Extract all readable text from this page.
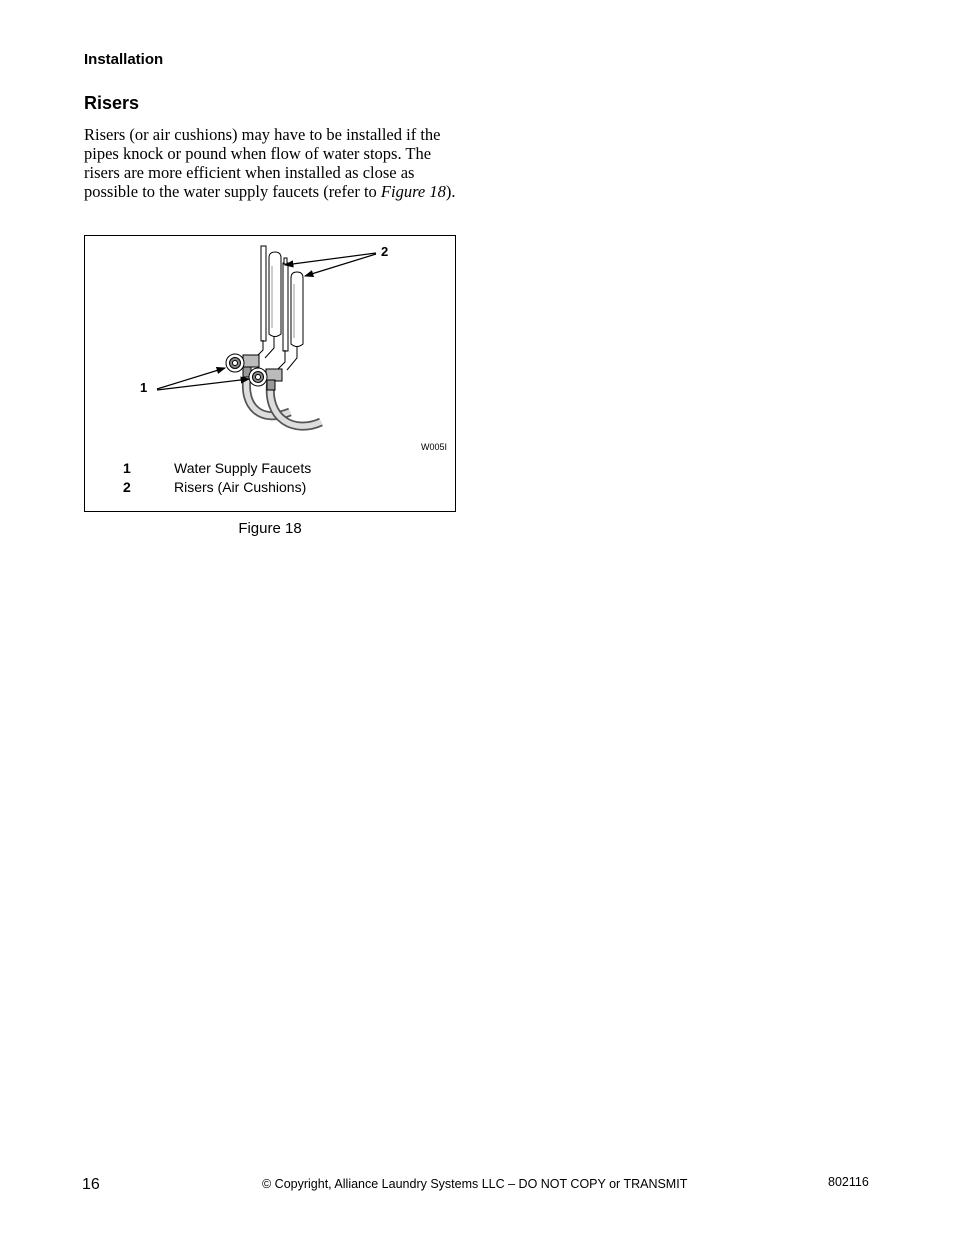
Installation
Risers
Risers (or air cushions) may have to be installed if the pipes knock or pound when flow of water stops. The risers are more efficient when installed as close as possible to the water supply faucets (refer to Figure 18).
1
2
W005I
1	Water Supply Faucets
2	Risers (Air Cushions)
Figure 18
16	© Copyright, Alliance Laundry Systems LLC – DO NOT COPY or TRANSMIT	802116
